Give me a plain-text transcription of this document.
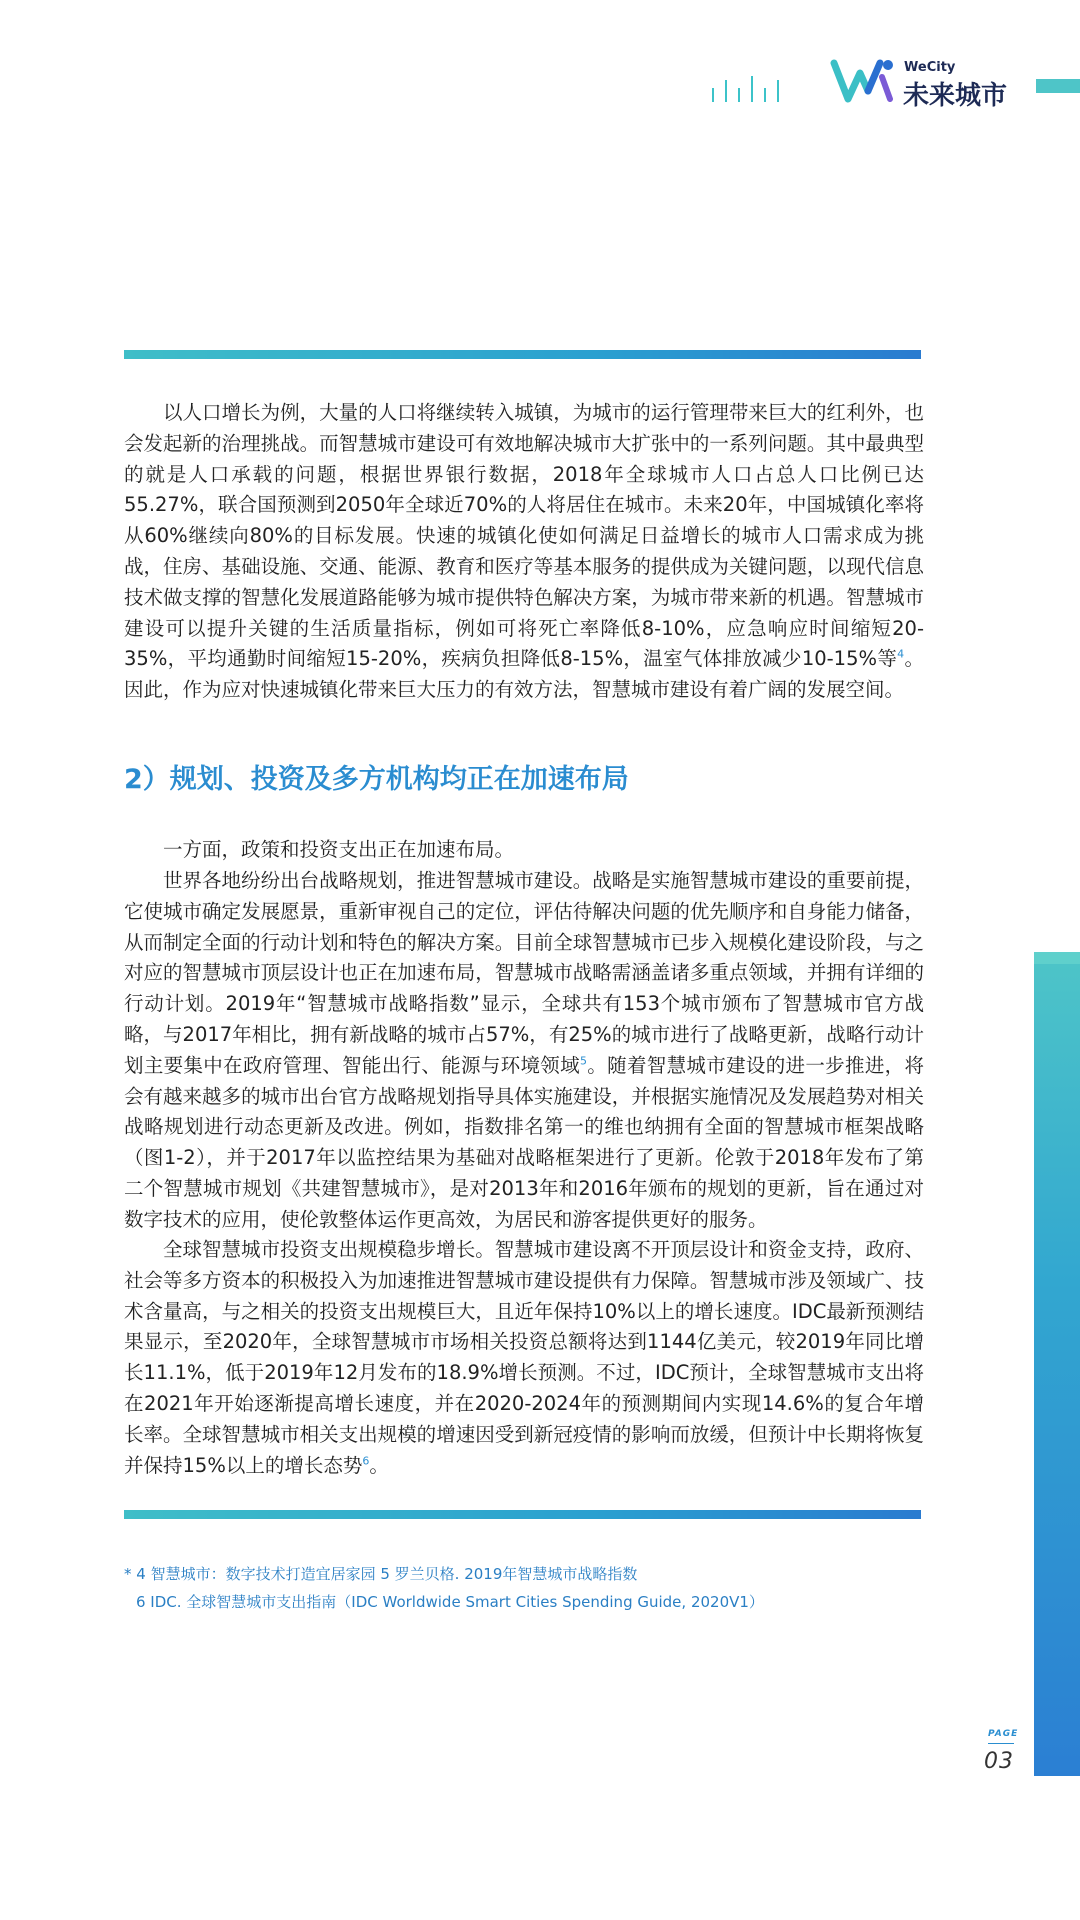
WeCity
未来城市

以人口增长为例，大量的人口将继续转入城镇，为城市的运行管理带来巨大的红利外，也会发起新的治理挑战。而智慧城市建设可有效地解决城市大扩张中的一系列问题。其中最典型的就是人口承载的问题，根据世界银行数据，2018年全球城市人口占总人口比例已达55.27%，联合国预测到2050年全球近70%的人将居住在城市。未来20年，中国城镇化率将从60%继续向80%的目标发展。快速的城镇化使如何满足日益增长的城市人口需求成为挑战，住房、基础设施、交通、能源、教育和医疗等基本服务的提供成为关键问题，以现代信息技术做支撑的智慧化发展道路能够为城市提供特色解决方案，为城市带来新的机遇。智慧城市建设可以提升关键的生活质量指标，例如可将死亡率降低8-10%，应急响应时间缩短20-35%，平均通勤时间缩短15-20%，疾病负担降低8-15%，温室气体排放减少10-15%等$^4$。因此，作为应对快速城镇化带来巨大压力的有效方法，智慧城市建设有着广阔的发展空间。

2）规划、投资及多方机构均正在加速布局

一方面，政策和投资支出正在加速布局。

世界各地纷纷出台战略规划，推进智慧城市建设。战略是实施智慧城市建设的重要前提，它使城市确定发展愿景，重新审视自己的定位，评估待解决问题的优先顺序和自身能力储备，从而制定全面的行动计划和特色的解决方案。目前全球智慧城市已步入规模化建设阶段，与之对应的智慧城市顶层设计也正在加速布局，智慧城市战略需涵盖诸多重点领域，并拥有详细的行动计划。2019年“智慧城市战略指数”显示，全球共有153个城市颁布了智慧城市官方战略，与2017年相比，拥有新战略的城市占57%，有25%的城市进行了战略更新，战略行动计划主要集中在政府管理、智能出行、能源与环境领域$^5$。随着智慧城市建设的进一步推进，将会有越来越多的城市出台官方战略规划指导具体实施建设，并根据实施情况及发展趋势对相关战略规划进行动态更新及改进。例如，指数排名第一的维也纳拥有全面的智慧城市框架战略（图1-2），并于2017年以监控结果为基础对战略框架进行了更新。伦敦于2018年发布了第二个智慧城市规划《共建智慧城市》，是对2013年和2016年颁布的规划的更新，旨在通过对数字技术的应用，使伦敦整体运作更高效，为居民和游客提供更好的服务。

全球智慧城市投资支出规模稳步增长。智慧城市建设离不开顶层设计和资金支持，政府、社会等多方资本的积极投入为加速推进智慧城市建设提供有力保障。智慧城市涉及领域广、技术含量高，与之相关的投资支出规模巨大，且近年保持10%以上的增长速度。IDC最新预测结果显示，至2020年，全球智慧城市市场相关投资总额将达到1144亿美元，较2019年同比增长11.1%，低于2019年12月发布的18.9%增长预测。不过，IDC预计，全球智慧城市支出将在2021年开始逐渐提高增长速度，并在2020-2024年的预测期间内实现14.6%的复合年增长率。全球智慧城市相关支出规模的增速因受到新冠疫情的影响而放缓，但预计中长期将恢复并保持15%以上的增长态势$^6$。

* 4 智慧城市：数字技术打造宜居家园 5 罗兰贝格. 2019年智慧城市战略指数
6 IDC. 全球智慧城市支出指南（IDC Worldwide Smart Cities Spending Guide, 2020V1）
PAGE
03
